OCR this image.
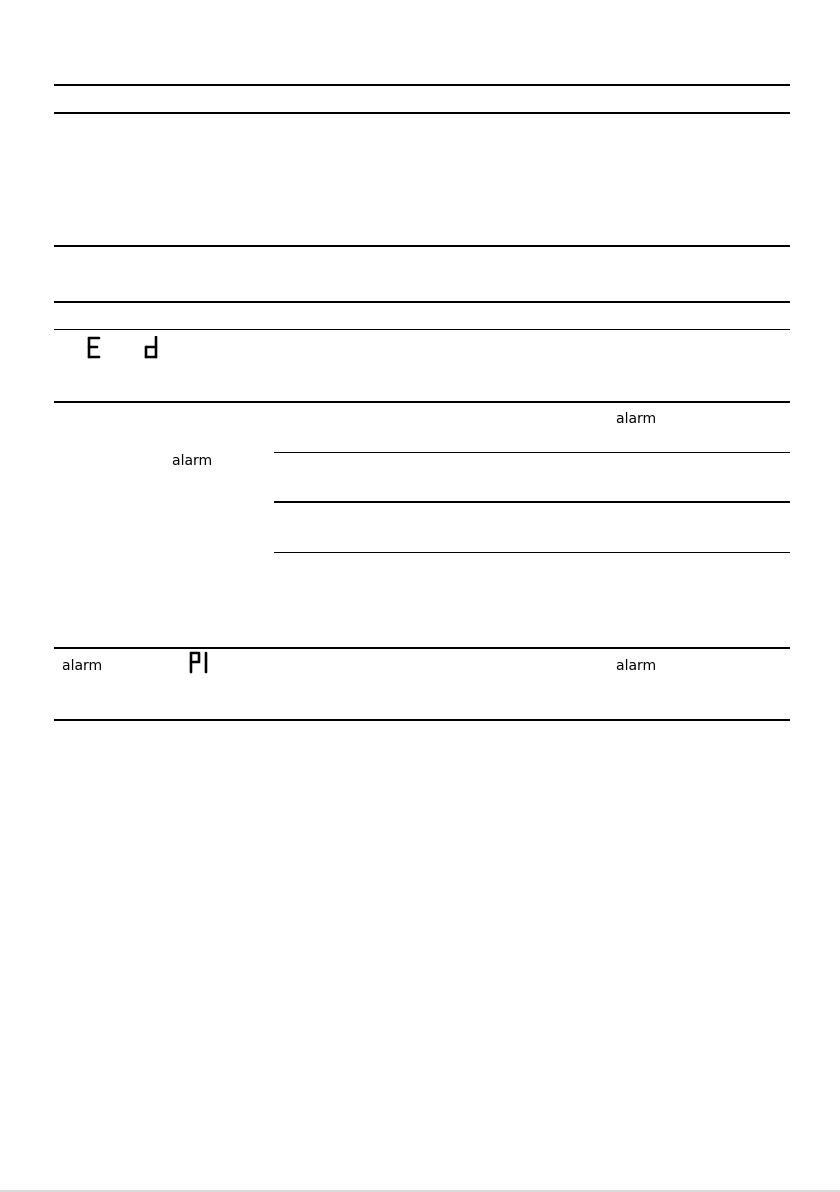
alarm
alarm
alarm	alarm
